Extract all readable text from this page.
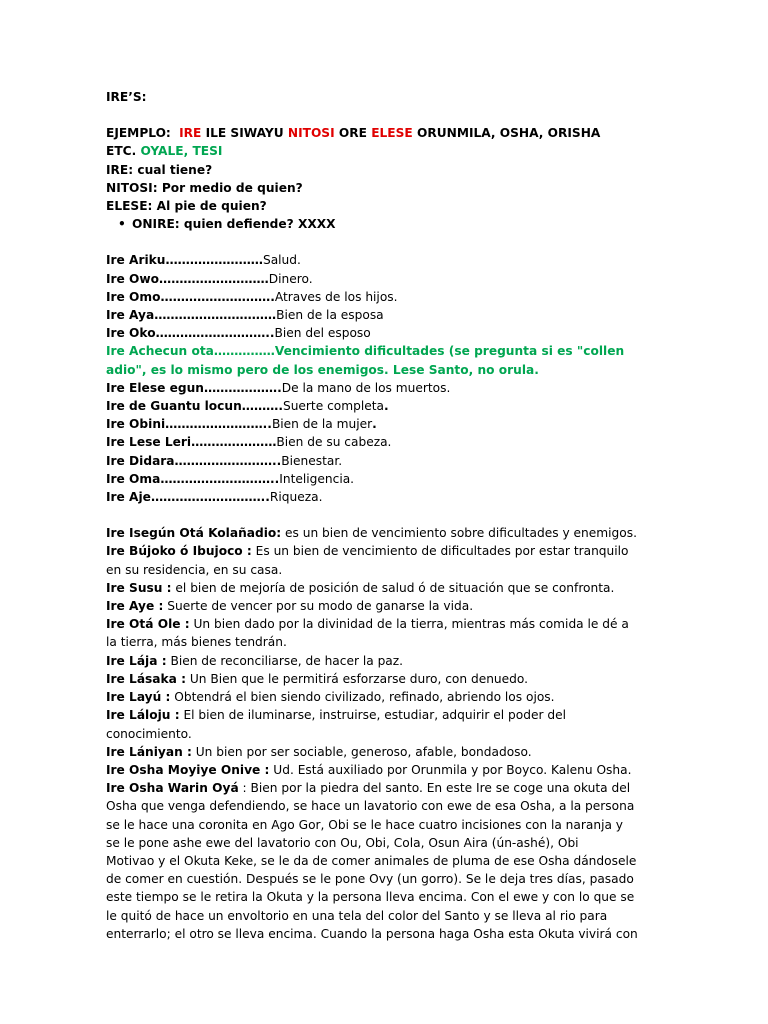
IRE’S:
EJEMPLO: IRE ILE SIWAYU NITOSI ORE ELESE ORUNMILA, OSHA, ORISHA
ETC. OYALE, TESI
IRE: cual tiene?
NITOSI: Por medio de quien?
ELESE: Al pie de quien?
• ONIRE: quien defiende? XXXX
Ire Ariku……………………Salud.
Ire Owo………………………Dinero.
Ire Omo……………………….Atraves de los hijos.
Ire Aya…………………………Bien de la esposa
Ire Oko………………………..Bien del esposo
Ire Achecun ota……………Vencimiento dificultades (se pregunta si es "collen
adio", es lo mismo pero de los enemigos. Lese Santo, no orula.
Ire Elese egun……………….De la mano de los muertos.
Ire de Guantu locun……….Suerte completa.
Ire Obini……………………..Bien de la mujer.
Ire Lese Leri…………………Bien de su cabeza.
Ire Didara……………………..Bienestar.
Ire Oma………………………..Inteligencia.
Ire Aje………………………..Riqueza.
Ire Isegún Otá Kolañadio: es un bien de vencimiento sobre dificultades y enemigos.
Ire Bújoko ó Ibujoco : Es un bien de vencimiento de dificultades por estar tranquilo
en su residencia, en su casa.
Ire Susu : el bien de mejoría de posición de salud ó de situación que se confronta.
Ire Aye : Suerte de vencer por su modo de ganarse la vida.
Ire Otá Ole : Un bien dado por la divinidad de la tierra, mientras más comida le dé a
la tierra, más bienes tendrán.
Ire Lája : Bien de reconciliarse, de hacer la paz.
Ire Lásaka : Un Bien que le permitirá esforzarse duro, con denuedo.
Ire Layú : Obtendrá el bien siendo civilizado, refinado, abriendo los ojos.
Ire Láloju : El bien de iluminarse, instruirse, estudiar, adquirir el poder del
conocimiento.
Ire Lániyan : Un bien por ser sociable, generoso, afable, bondadoso.
Ire Osha Moyiye Onive : Ud. Está auxiliado por Orunmila y por Boyco. Kalenu Osha.
Ire Osha Warin Oyá : Bien por la piedra del santo. En este Ire se coge una okuta del
Osha que venga defendiendo, se hace un lavatorio con ewe de esa Osha, a la persona
se le hace una coronita en Ago Gor, Obi se le hace cuatro incisiones con la naranja y
se le pone ashe ewe del lavatorio con Ou, Obi, Cola, Osun Aira (ún-ashé), Obi
Motivao y el Okuta Keke, se le da de comer animales de pluma de ese Osha dándosele
de comer en cuestión. Después se le pone Ovy (un gorro). Se le deja tres días, pasado
este tiempo se le retira la Okuta y la persona lleva encima. Con el ewe y con lo que se
le quitó de hace un envoltorio en una tela del color del Santo y se lleva al rio para
enterrarlo; el otro se lleva encima. Cuando la persona haga Osha esta Okuta vivirá con
